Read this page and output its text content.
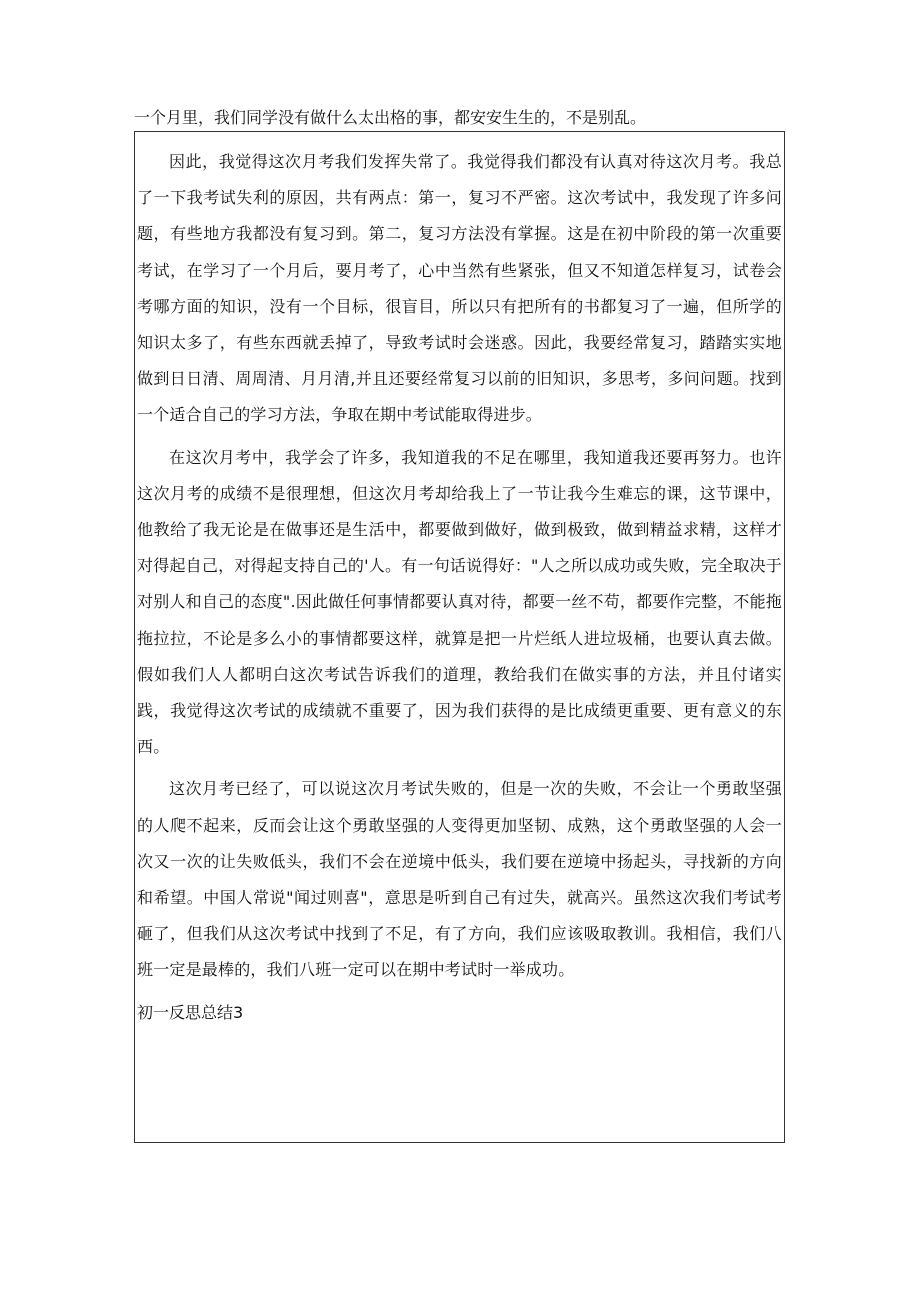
一个月里，我们同学没有做什么太出格的事，都安安生生的，不是别乱。

因此，我觉得这次月考我们发挥失常了。我觉得我们都没有认真对待这次月考。我总了一下我考试失利的原因，共有两点：第一，复习不严密。这次考试中，我发现了许多问题，有些地方我都没有复习到。第二，复习方法没有掌握。这是在初中阶段的第一次重要考试，在学习了一个月后，要月考了，心中当然有些紧张，但又不知道怎样复习，试卷会考哪方面的知识，没有一个目标，很盲目，所以只有把所有的书都复习了一遍，但所学的知识太多了，有些东西就丢掉了，导致考试时会迷惑。因此，我要经常复习，踏踏实实地做到日日清、周周清、月月清,并且还要经常复习以前的旧知识，多思考，多问问题。找到一个适合自己的学习方法，争取在期中考试能取得进步。

在这次月考中，我学会了许多，我知道我的不足在哪里，我知道我还要再努力。也许这次月考的成绩不是很理想，但这次月考却给我上了一节让我今生难忘的课，这节课中，他教给了我无论是在做事还是生活中，都要做到做好，做到极致，做到精益求精，这样才对得起自己，对得起支持自己的'人。有一句话说得好："人之所以成功或失败，完全取决于对别人和自己的态度".因此做任何事情都要认真对待，都要一丝不苟，都要作完整，不能拖拖拉拉，不论是多么小的事情都要这样，就算是把一片烂纸人进垃圾桶，也要认真去做。假如我们人人都明白这次考试告诉我们的道理，教给我们在做实事的方法，并且付诸实践，我觉得这次考试的成绩就不重要了，因为我们获得的是比成绩更重要、更有意义的东西。

这次月考已经了，可以说这次月考试失败的，但是一次的失败，不会让一个勇敢坚强的人爬不起来，反而会让这个勇敢坚强的人变得更加坚韧、成熟，这个勇敢坚强的人会一次又一次的让失败低头，我们不会在逆境中低头，我们要在逆境中扬起头，寻找新的方向和希望。中国人常说"闻过则喜"，意思是听到自己有过失，就高兴。虽然这次我们考试考砸了，但我们从这次考试中找到了不足，有了方向，我们应该吸取教训。我相信，我们八班一定是最棒的，我们八班一定可以在期中考试时一举成功。

初一反思总结3
